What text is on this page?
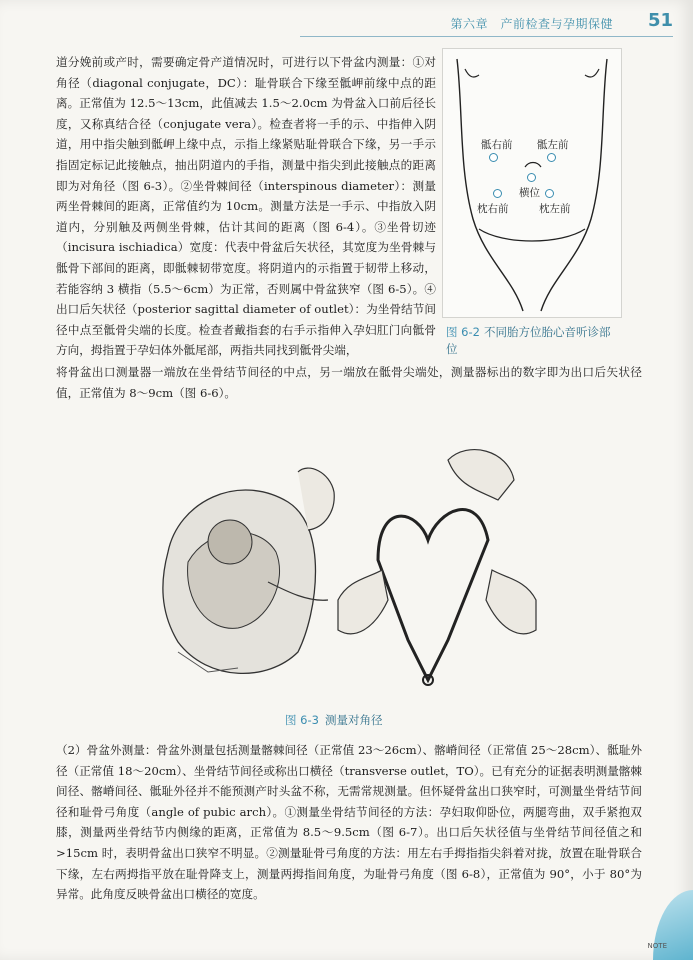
第六章　产前检查与孕期保健 51

道分娩前或产时，需要确定骨产道情况时，可进行以下骨盆内测量：①对角径（diagonal conjugate，DC）：耻骨联合下缘至骶岬前缘中点的距离。正常值为 12.5～13cm，此值减去 1.5～2.0cm 为骨盆入口前后径长度，又称真结合径（conjugate vera）。检查者将一手的示、中指伸入阴道，用中指尖触到骶岬上缘中点，示指上缘紧贴耻骨联合下缘，另一手示指固定标记此接触点，抽出阴道内的手指，测量中指尖到此接触点的距离即为对角径（图 6-3）。②坐骨棘间径（interspinous diameter）：测量两坐骨棘间的距离，正常值约为 10cm。测量方法是一手示、中指放入阴道内，分别触及两侧坐骨棘，估计其间的距离（图 6-4）。③坐骨切迹（incisura ischiadica）宽度：代表中骨盆后矢状径，其宽度为坐骨棘与骶骨下部间的距离，即骶棘韧带宽度。将阴道内的示指置于韧带上移动，若能容纳 3 横指（5.5～6cm）为正常，否则属中骨盆狭窄（图 6-5）。④出口后矢状径（posterior sagittal diameter of outlet）：为坐骨结节间径中点至骶骨尖端的长度。检查者戴指套的右手示指伸入孕妇肛门向骶骨方向，拇指置于孕妇体外骶尾部，两指共同找到骶骨尖端，

将骨盆出口测量器一端放在坐骨结节间径的中点，另一端放在骶骨尖端处，测量器标出的数字即为出口后矢状径值，正常值为 8～9cm（图 6-6）。

骶右前 骶左前
横位
枕右前	枕左前
图 6-2 不同胎方位胎心音听诊部位
图 6-3 测量对角径

（2）骨盆外测量：骨盆外测量包括测量髂棘间径（正常值 23～26cm）、髂嵴间径（正常值 25～28cm）、骶耻外径（正常值 18～20cm）、坐骨结节间径或称出口横径（transverse outlet，TO）。已有充分的证据表明测量髂棘间径、髂嵴间径、骶耻外径并不能预测产时头盆不称，无需常规测量。但怀疑骨盆出口狭窄时，可测量坐骨结节间径和耻骨弓角度（angle of pubic arch）。①测量坐骨结节间径的方法：孕妇取仰卧位，两腿弯曲，双手紧抱双膝，测量两坐骨结节内侧缘的距离，正常值为 8.5～9.5cm（图 6-7）。出口后矢状径值与坐骨结节间径值之和>15cm 时，表明骨盆出口狭窄不明显。②测量耻骨弓角度的方法：用左右手拇指指尖斜着对拢，放置在耻骨联合下缘，左右两拇指平放在耻骨降支上，测量两拇指间角度，为耻骨弓角度（图 6-8），正常值为 90°，小于 80°为异常。此角度反映骨盆出口横径的宽度。

NOTE
